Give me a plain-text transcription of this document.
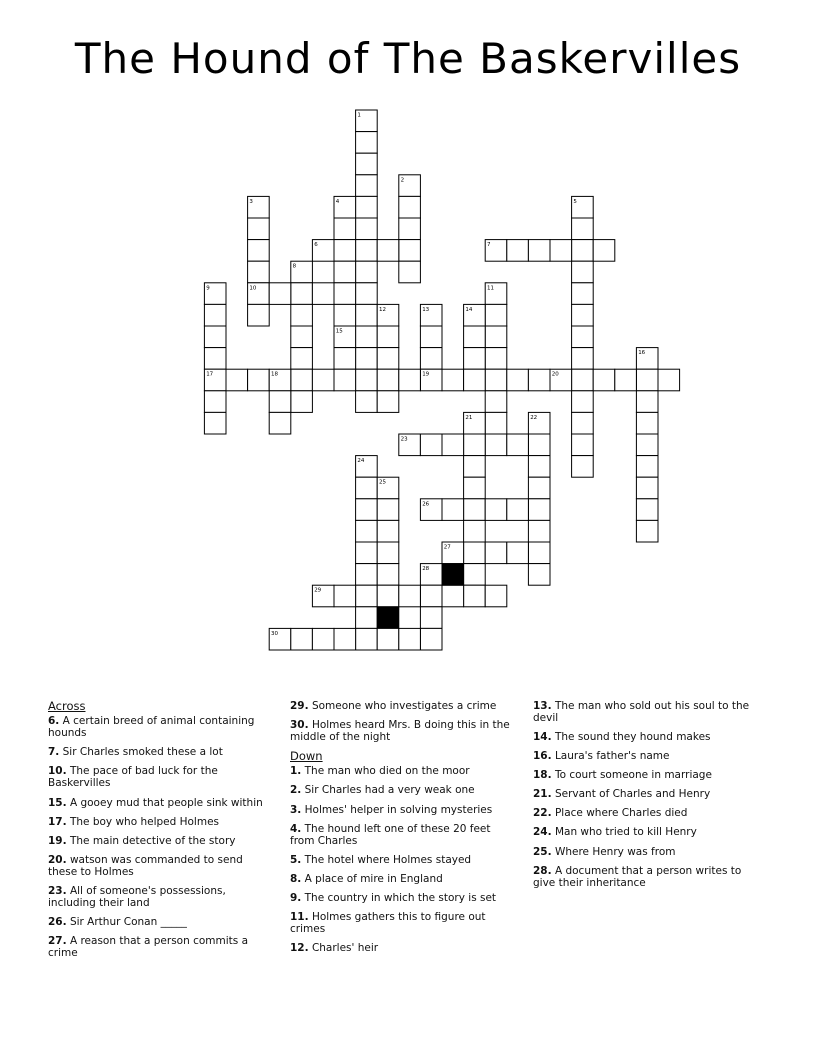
The Hound of The Baskervilles
1
2
3	4	5
6	7
8
9	10	11
12	13	14
15
16
17	18	19	20
21	22
23
24
25
26
27
28
29
30
Across
6. A certain breed of animal containing hounds
7. Sir Charles smoked these a lot
10. The pace of bad luck for the Baskervilles
15. A gooey mud that people sink within
17. The boy who helped Holmes
19. The main detective of the story
20. watson was commanded to send these to Holmes
23. All of someone's possessions, including their land
26. Sir Arthur Conan _____
27. A reason that a person commits a crime
29. Someone who investigates a crime
30. Holmes heard Mrs. B doing this in the middle of the night
Down
1. The man who died on the moor
2. Sir Charles had a very weak one
3. Holmes' helper in solving mysteries
4. The hound left one of these 20 feet from Charles
5. The hotel where Holmes stayed
8. A place of mire in England
9. The country in which the story is set
11. Holmes gathers this to figure out crimes
12. Charles' heir
13. The man who sold out his soul to the devil
14. The sound they hound makes
16. Laura's father's name
18. To court someone in marriage
21. Servant of Charles and Henry
22. Place where Charles died
24. Man who tried to kill Henry
25. Where Henry was from
28. A document that a person writes to give their inheritance
